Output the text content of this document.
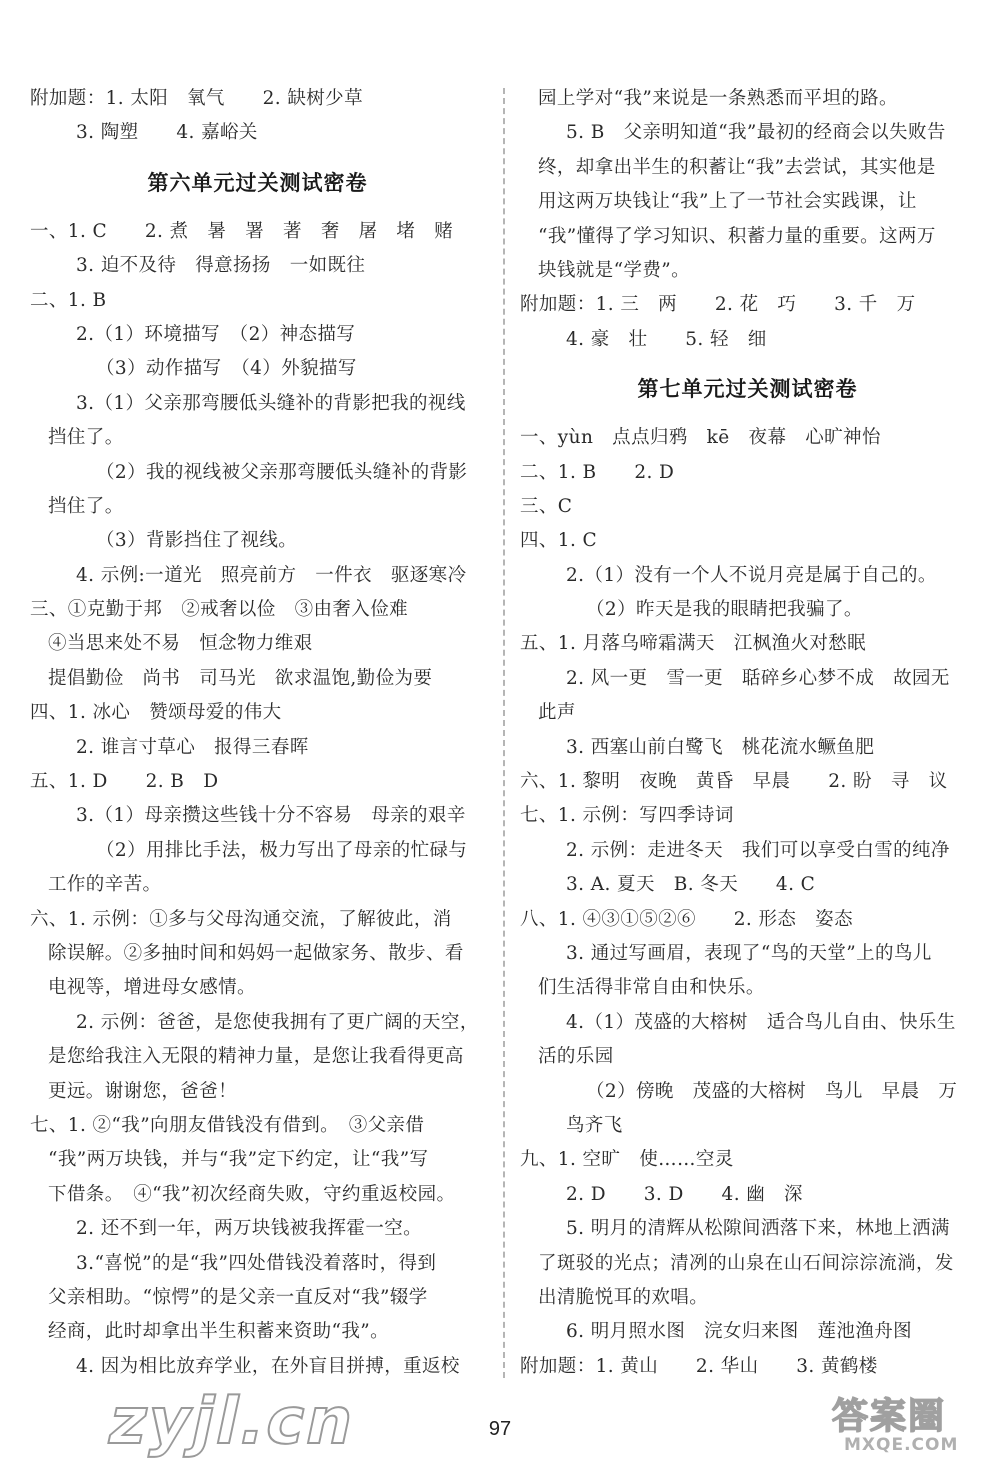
附加题：1. 太阳　氧气　　2. 缺树少草
3. 陶塑　　4. 嘉峪关
第六单元过关测试密卷
一、1. C　　2. 煮　暑　署　著　奢　屠　堵　赌
3. 迫不及待　得意扬扬　一如既往
二、1. B
2.（1）环境描写　（2）神态描写
（3）动作描写　（4）外貌描写
3.（1）父亲那弯腰低头缝补的背影把我的视线
挡住了。
（2）我的视线被父亲那弯腰低头缝补的背影
挡住了。
（3）背影挡住了视线。
4. 示例:一道光　照亮前方　一件衣　驱逐寒冷
三、①克勤于邦　②戒奢以俭　③由奢入俭难
④当思来处不易　恒念物力维艰
提倡勤俭　尚书　司马光　欲求温饱,勤俭为要
四、1. 冰心　赞颂母爱的伟大
2. 谁言寸草心　报得三春晖
五、1. D　　2. B　D
3.（1）母亲攒这些钱十分不容易　母亲的艰辛
（2）用排比手法，极力写出了母亲的忙碌与
工作的辛苦。
六、1. 示例：①多与父母沟通交流，了解彼此，消
除误解。②多抽时间和妈妈一起做家务、散步、看
电视等，增进母女感情。
2. 示例：爸爸，是您使我拥有了更广阔的天空，
是您给我注入无限的精神力量，是您让我看得更高
更远。谢谢您，爸爸！
七、1. ②“我”向朋友借钱没有借到。　③父亲借
“我”两万块钱，并与“我”定下约定，让“我”写
下借条。　④“我”初次经商失败，守约重返校园。
2. 还不到一年，两万块钱被我挥霍一空。
3.“喜悦”的是“我”四处借钱没着落时，得到
父亲相助。“惊愕”的是父亲一直反对“我”辍学
经商，此时却拿出半生积蓄来资助“我”。
4. 因为相比放弃学业，在外盲目拼搏，重返校
园上学对“我”来说是一条熟悉而平坦的路。
5. B　父亲明知道“我”最初的经商会以失败告
终，却拿出半生的积蓄让“我”去尝试，其实他是
用这两万块钱让“我”上了一节社会实践课，让
“我”懂得了学习知识、积蓄力量的重要。这两万
块钱就是“学费”。
附加题：1. 三　两　　2. 花　巧　　3. 千　万
4. 豪　壮　　5. 轻　细
第七单元过关测试密卷
一、yùn　点点归鸦　kē　夜幕　心旷神怡
二、1. B　　2. D
三、C
四、1. C
2.（1）没有一个人不说月亮是属于自己的。
（2）昨天是我的眼睛把我骗了。
五、1. 月落乌啼霜满天　江枫渔火对愁眠
2. 风一更　雪一更　聒碎乡心梦不成　故园无
此声
3. 西塞山前白鹭飞　桃花流水鳜鱼肥
六、1. 黎明　夜晚　黄昏　早晨　　2. 盼　寻　议
七、1. 示例：写四季诗词
2. 示例：走进冬天　我们可以享受白雪的纯净
3. A. 夏天　B. 冬天　　4. C
八、1. ④③①⑤②⑥　　2. 形态　姿态
3. 通过写画眉，表现了“鸟的天堂”上的鸟儿
们生活得非常自由和快乐。
4.（1）茂盛的大榕树　适合鸟儿自由、快乐生
活的乐园
（2）傍晚　茂盛的大榕树　鸟儿　早晨　万
鸟齐飞
九、1. 空旷　使……空灵
2. D　　3. D　　4. 幽　深
5. 明月的清辉从松隙间洒落下来，林地上洒满
了斑驳的光点；清冽的山泉在山石间淙淙流淌，发
出清脆悦耳的欢唱。
6. 明月照水图　浣女归来图　莲池渔舟图
附加题：1. 黄山　　2. 华山　　3. 黄鹤楼
zyjl.cn	97	答案圈
MXQE.COM
